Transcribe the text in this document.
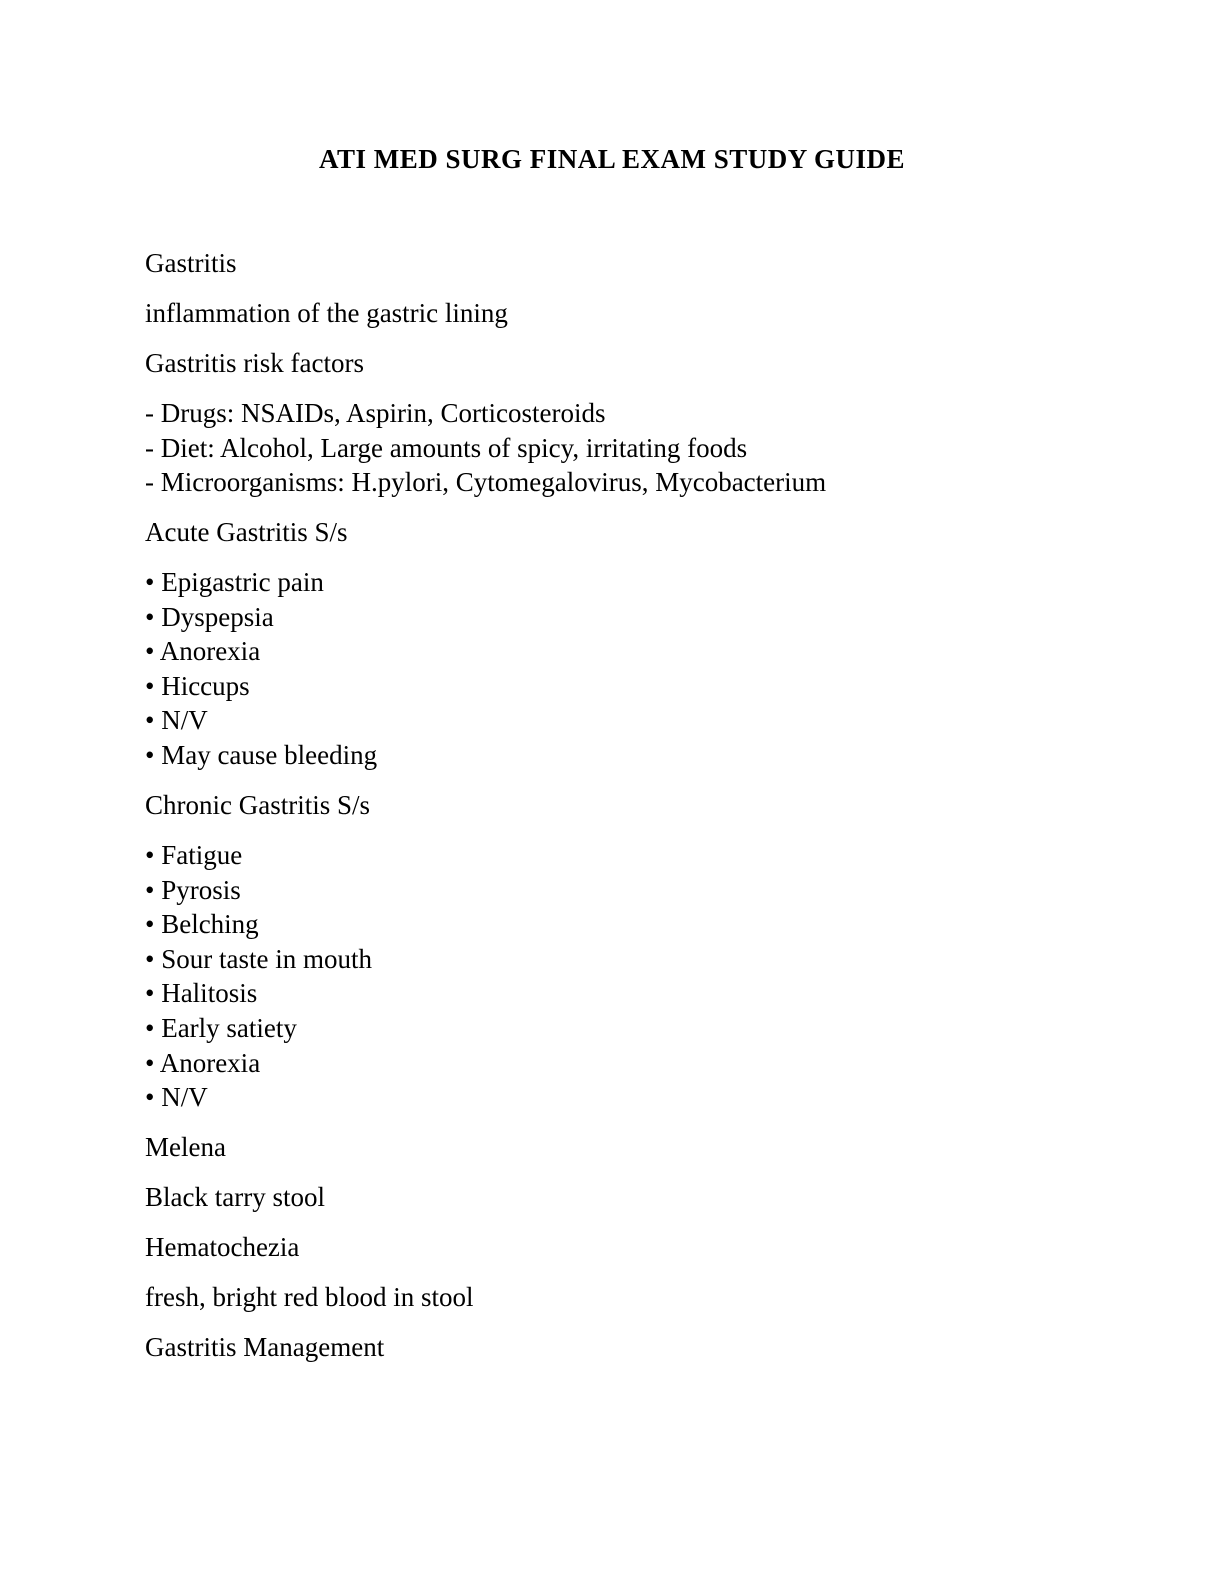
ATI MED SURG FINAL EXAM STUDY GUIDE

Gastritis

inflammation of the gastric lining

Gastritis risk factors

- Drugs: NSAIDs, Aspirin, Corticosteroids
- Diet: Alcohol, Large amounts of spicy, irritating foods
- Microorganisms: H.pylori, Cytomegalovirus, Mycobacterium

Acute Gastritis S/s

• Epigastric pain
• Dyspepsia
• Anorexia
• Hiccups
• N/V
• May cause bleeding

Chronic Gastritis S/s

• Fatigue
• Pyrosis
• Belching
• Sour taste in mouth
• Halitosis
• Early satiety
• Anorexia
• N/V

Melena

Black tarry stool

Hematochezia

fresh, bright red blood in stool

Gastritis Management
